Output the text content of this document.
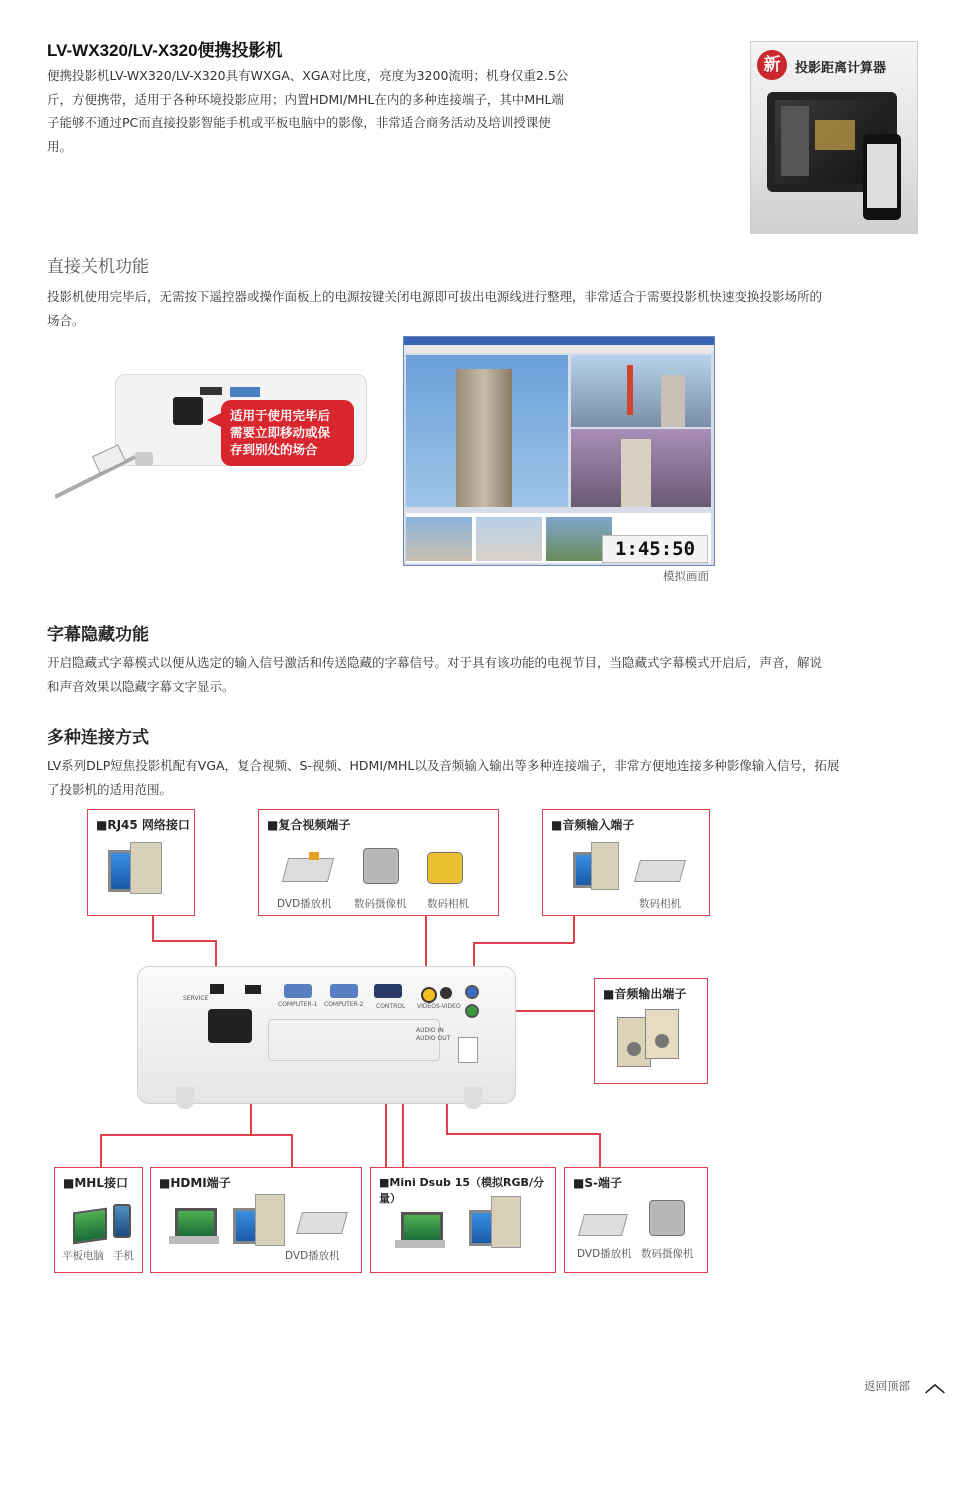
LV-WX320/LV-X320便携投影机
便携投影机LV-WX320/LV-X320具有WXGA、XGA对比度，亮度为3200流明；机身仅重2.5公
斤，方便携带，适用于各种环境投影应用；内置HDMI/MHL在内的多种连接端子，其中MHL端
子能够不通过PC而直接投影智能手机或平板电脑中的影像，非常适合商务活动及培训授课使
用。
新	投影距离计算器
直接关机功能
投影机使用完毕后，无需按下遥控器或操作面板上的电源按键关闭电源即可拔出电源线进行整理，非常适合于需要投影机快速变换投影场所的
场合。
适用于使用完毕后
需要立即移动或保
存到别处的场合
1:45:50
模拟画面
字幕隐藏功能
开启隐藏式字幕模式以便从选定的输入信号激活和传送隐藏的字幕信号。对于具有该功能的电视节目，当隐藏式字幕模式开启后，声音，解说
和声音效果以隐藏字幕文字显示。
多种连接方式
LV系列DLP短焦投影机配有VGA，复合视频、S-视频、HDMI/MHL以及音频输入输出等多种连接端子，非常方便地连接多种影像输入信号，拓展
了投影机的适用范围。
SERVICE
COMPUTER-1 COMPUTER-2 CONTROL VIDEO S-VIDEO
AUDIO IN
AUDIO OUT
■RJ45 网络接口	■复合视频端子
DVD播放机 数码摄像机 数码相机
■音频输入端子
数码相机
■音频输出端子
■MHL接口
平板电脑 手机
■HDMI端子
DVD播放机
■Mini Dsub 15（模拟RGB/分量）
■S-端子
DVD播放机 数码摄像机
返回顶部 ︿
